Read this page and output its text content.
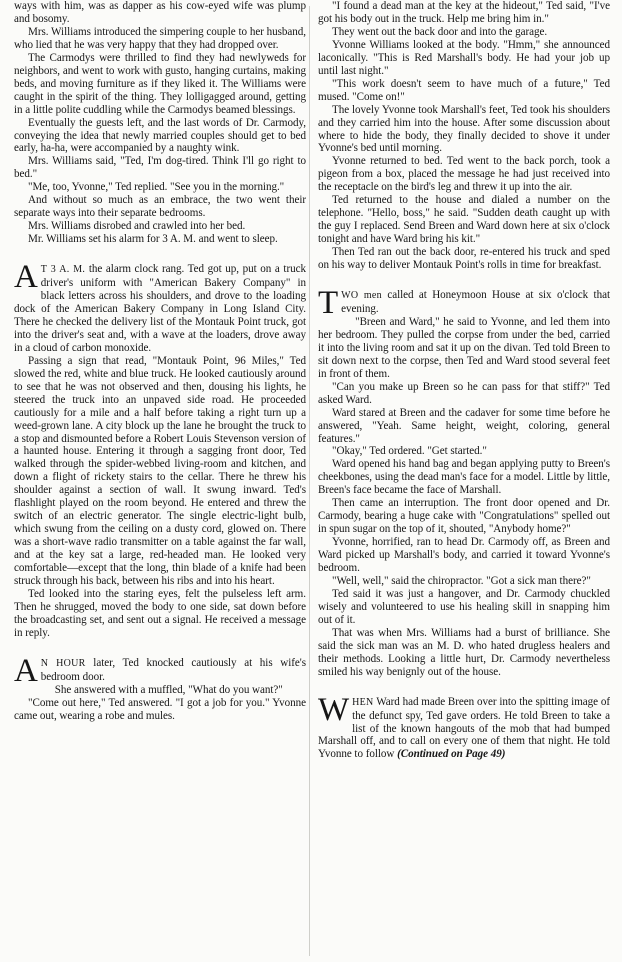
ways with him, was as dapper as his cow-eyed wife was plump and bosomy.

Mrs. Williams introduced the simpering couple to her husband, who lied that he was very happy that they had dropped over.

The Carmodys were thrilled to find they had newlyweds for neighbors, and went to work with gusto, hanging curtains, making beds, and moving furniture as if they liked it. The Williams were caught in the spirit of the thing. They lolligagged around, getting in a little polite cuddling while the Carmodys beamed blessings.

Eventually the guests left, and the last words of Dr. Carmody, conveying the idea that newly married couples should get to bed early, ha-ha, were accompanied by a naughty wink.

Mrs. Williams said, "Ted, I'm dog-tired. Think I'll go right to bed."

"Me, too, Yvonne," Ted replied. "See you in the morning."

And without so much as an embrace, the two went their separate ways into their separate bedrooms.

Mrs. Williams disrobed and crawled into her bed.

Mr. Williams set his alarm for 3 A. M. and went to sleep.

A T 3 A. M. the alarm clock rang. Ted got up, put on a truck driver's uniform with "American Bakery Company" in black letters across his shoulders, and drove to the loading dock of the American Bakery Company in Long Island City. There he checked the delivery list of the Montauk Point truck, got into the driver's seat and, with a wave at the loaders, drove away in a cloud of carbon monoxide.

Passing a sign that read, "Montauk Point, 96 Miles," Ted slowed the red, white and blue truck. He looked cautiously around to see that he was not observed and then, dousing his lights, he steered the truck into an unpaved side road. He proceeded cautiously for a mile and a half before taking a right turn up a weed-grown lane. A city block up the lane he brought the truck to a stop and dismounted before a Robert Louis Stevenson version of a haunted house. Entering it through a sagging front door, Ted walked through the spider-webbed living-room and kitchen, and down a flight of rickety stairs to the cellar. There he threw his shoulder against a section of wall. It swung inward. Ted's flashlight played on the room beyond. He entered and threw the switch of an electric generator. The single electric-light bulb, which swung from the ceiling on a dusty cord, glowed on. There was a short-wave radio transmitter on a table against the far wall, and at the key sat a large, red-headed man. He looked very comfortable—except that the long, thin blade of a knife had been struck through his back, between his ribs and into his heart.

Ted looked into the staring eyes, felt the pulseless left arm. Then he shrugged, moved the body to one side, sat down before the broadcasting set, and sent out a signal. He received a message in reply.

A N HOUR later, Ted knocked cautiously at his wife's bedroom door.

She answered with a muffled, "What do you want?"

"Come out here," Ted answered. "I got a job for you." Yvonne came out, wearing a robe and mules.

"I found a dead man at the key at the hideout," Ted said, "I've got his body out in the truck. Help me bring him in."

They went out the back door and into the garage.

Yvonne Williams looked at the body. "Hmm," she announced laconically. "This is Red Marshall's body. He had your job up until last night."

"This work doesn't seem to have much of a future," Ted mused. "Come on!"

The lovely Yvonne took Marshall's feet, Ted took his shoulders and they carried him into the house. After some discussion about where to hide the body, they finally decided to shove it under Yvonne's bed until morning.

Yvonne returned to bed. Ted went to the back porch, took a pigeon from a box, placed the message he had just received into the receptacle on the bird's leg and threw it up into the air.

Ted returned to the house and dialed a number on the telephone. "Hello, boss," he said. "Sudden death caught up with the guy I replaced. Send Breen and Ward down here at six o'clock tonight and have Ward bring his kit."

Then Ted ran out the back door, re-entered his truck and sped on his way to deliver Montauk Point's rolls in time for breakfast.

TWO men called at Honeymoon House at six o'clock that evening.

"Breen and Ward," he said to Yvonne, and led them into her bedroom. They pulled the corpse from under the bed, carried it into the living room and sat it up on the divan. Ted told Breen to sit down next to the corpse, then Ted and Ward stood several feet in front of them.

"Can you make up Breen so he can pass for that stiff?" Ted asked Ward.

Ward stared at Breen and the cadaver for some time before he answered, "Yeah. Same height, weight, coloring, general features."

"Okay," Ted ordered. "Get started."

Ward opened his hand bag and began applying putty to Breen's cheekbones, using the dead man's face for a model. Little by little, Breen's face became the face of Marshall.

Then came an interruption. The front door opened and Dr. Carmody, bearing a huge cake with "Congratulations" spelled out in spun sugar on the top of it, shouted, "Anybody home?"

Yvonne, horrified, ran to head Dr. Carmody off, as Breen and Ward picked up Marshall's body, and carried it toward Yvonne's bedroom.

"Well, well," said the chiropractor. "Got a sick man there?"

Ted said it was just a hangover, and Dr. Carmody chuckled wisely and volunteered to use his healing skill in snapping him out of it.

That was when Mrs. Williams had a burst of brilliance. She said the sick man was an M. D. who hated drugless healers and their methods. Looking a little hurt, Dr. Carmody nevertheless smiled his way benignly out of the house.

WHEN Ward had made Breen over into the spitting image of the defunct spy, Ted gave orders. He told Breen to take a list of the known hangouts of the mob that had bumped Marshall off, and to call on every one of them that night. He told Yvonne to follow (Continued on Page 49)
